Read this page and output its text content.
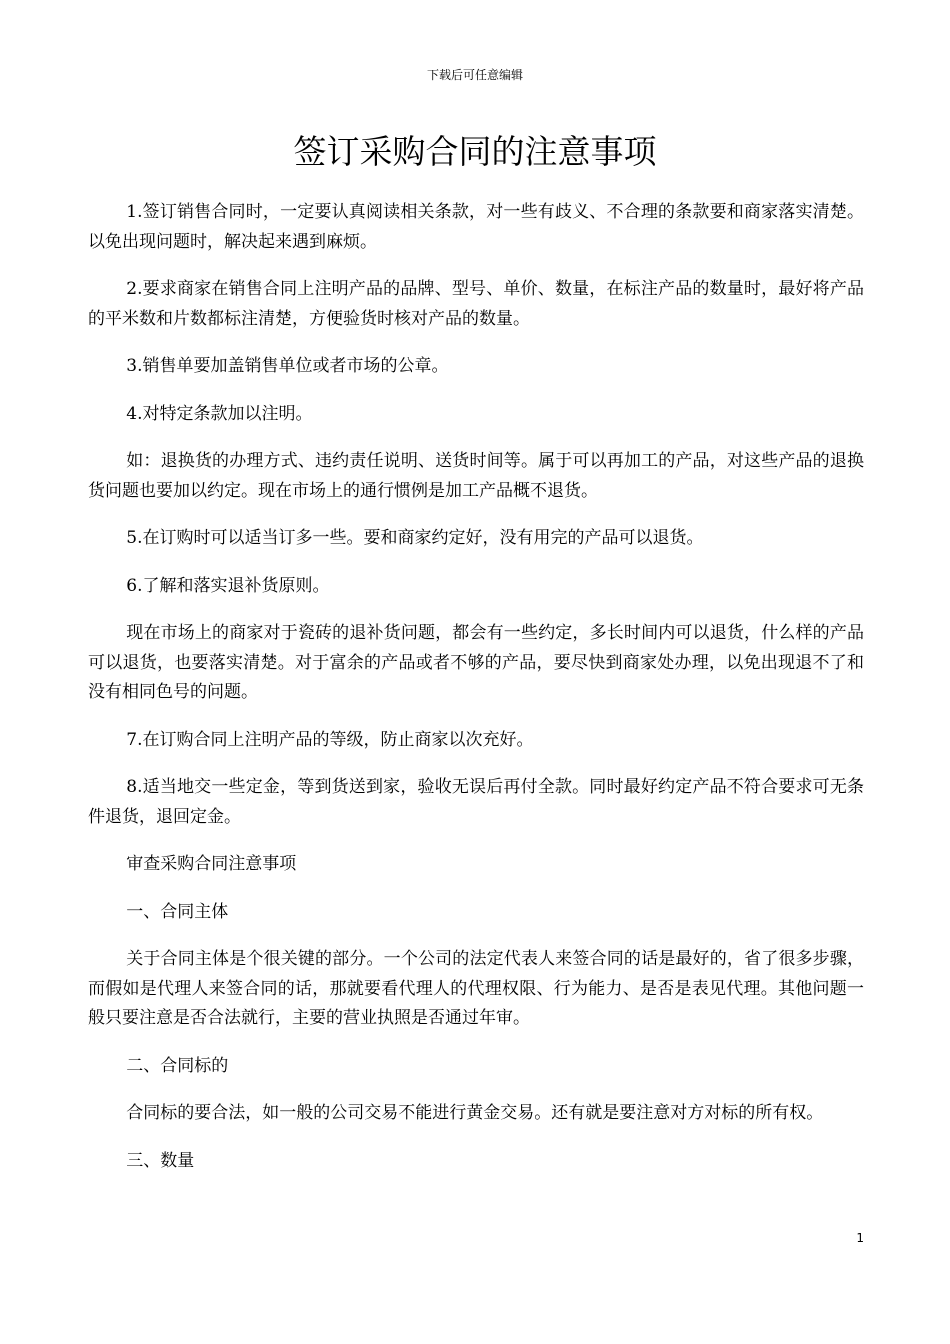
下载后可任意编辑
签订采购合同的注意事项

1.签订销售合同时，一定要认真阅读相关条款，对一些有歧义、不合理的条款要和商家落实清楚。以免出现问题时，解决起来遇到麻烦。

2.要求商家在销售合同上注明产品的品牌、型号、单价、数量，在标注产品的数量时，最好将产品的平米数和片数都标注清楚，方便验货时核对产品的数量。

3.销售单要加盖销售单位或者市场的公章。

4.对特定条款加以注明。

如：退换货的办理方式、违约责任说明、送货时间等。属于可以再加工的产品，对这些产品的退换货问题也要加以约定。现在市场上的通行惯例是加工产品概不退货。

5.在订购时可以适当订多一些。要和商家约定好，没有用完的产品可以退货。

6.了解和落实退补货原则。

现在市场上的商家对于瓷砖的退补货问题，都会有一些约定，多长时间内可以退货，什么样的产品可以退货，也要落实清楚。对于富余的产品或者不够的产品，要尽快到商家处办理，以免出现退不了和没有相同色号的问题。

7.在订购合同上注明产品的等级，防止商家以次充好。

8.适当地交一些定金，等到货送到家，验收无误后再付全款。同时最好约定产品不符合要求可无条件退货，退回定金。

审查采购合同注意事项

一、合同主体

关于合同主体是个很关键的部分。一个公司的法定代表人来签合同的话是最好的，省了很多步骤，而假如是代理人来签合同的话，那就要看代理人的代理权限、行为能力、是否是表见代理。其他问题一般只要注意是否合法就行，主要的营业执照是否通过年审。

二、合同标的

合同标的要合法，如一般的公司交易不能进行黄金交易。还有就是要注意对方对标的所有权。

三、数量

1
